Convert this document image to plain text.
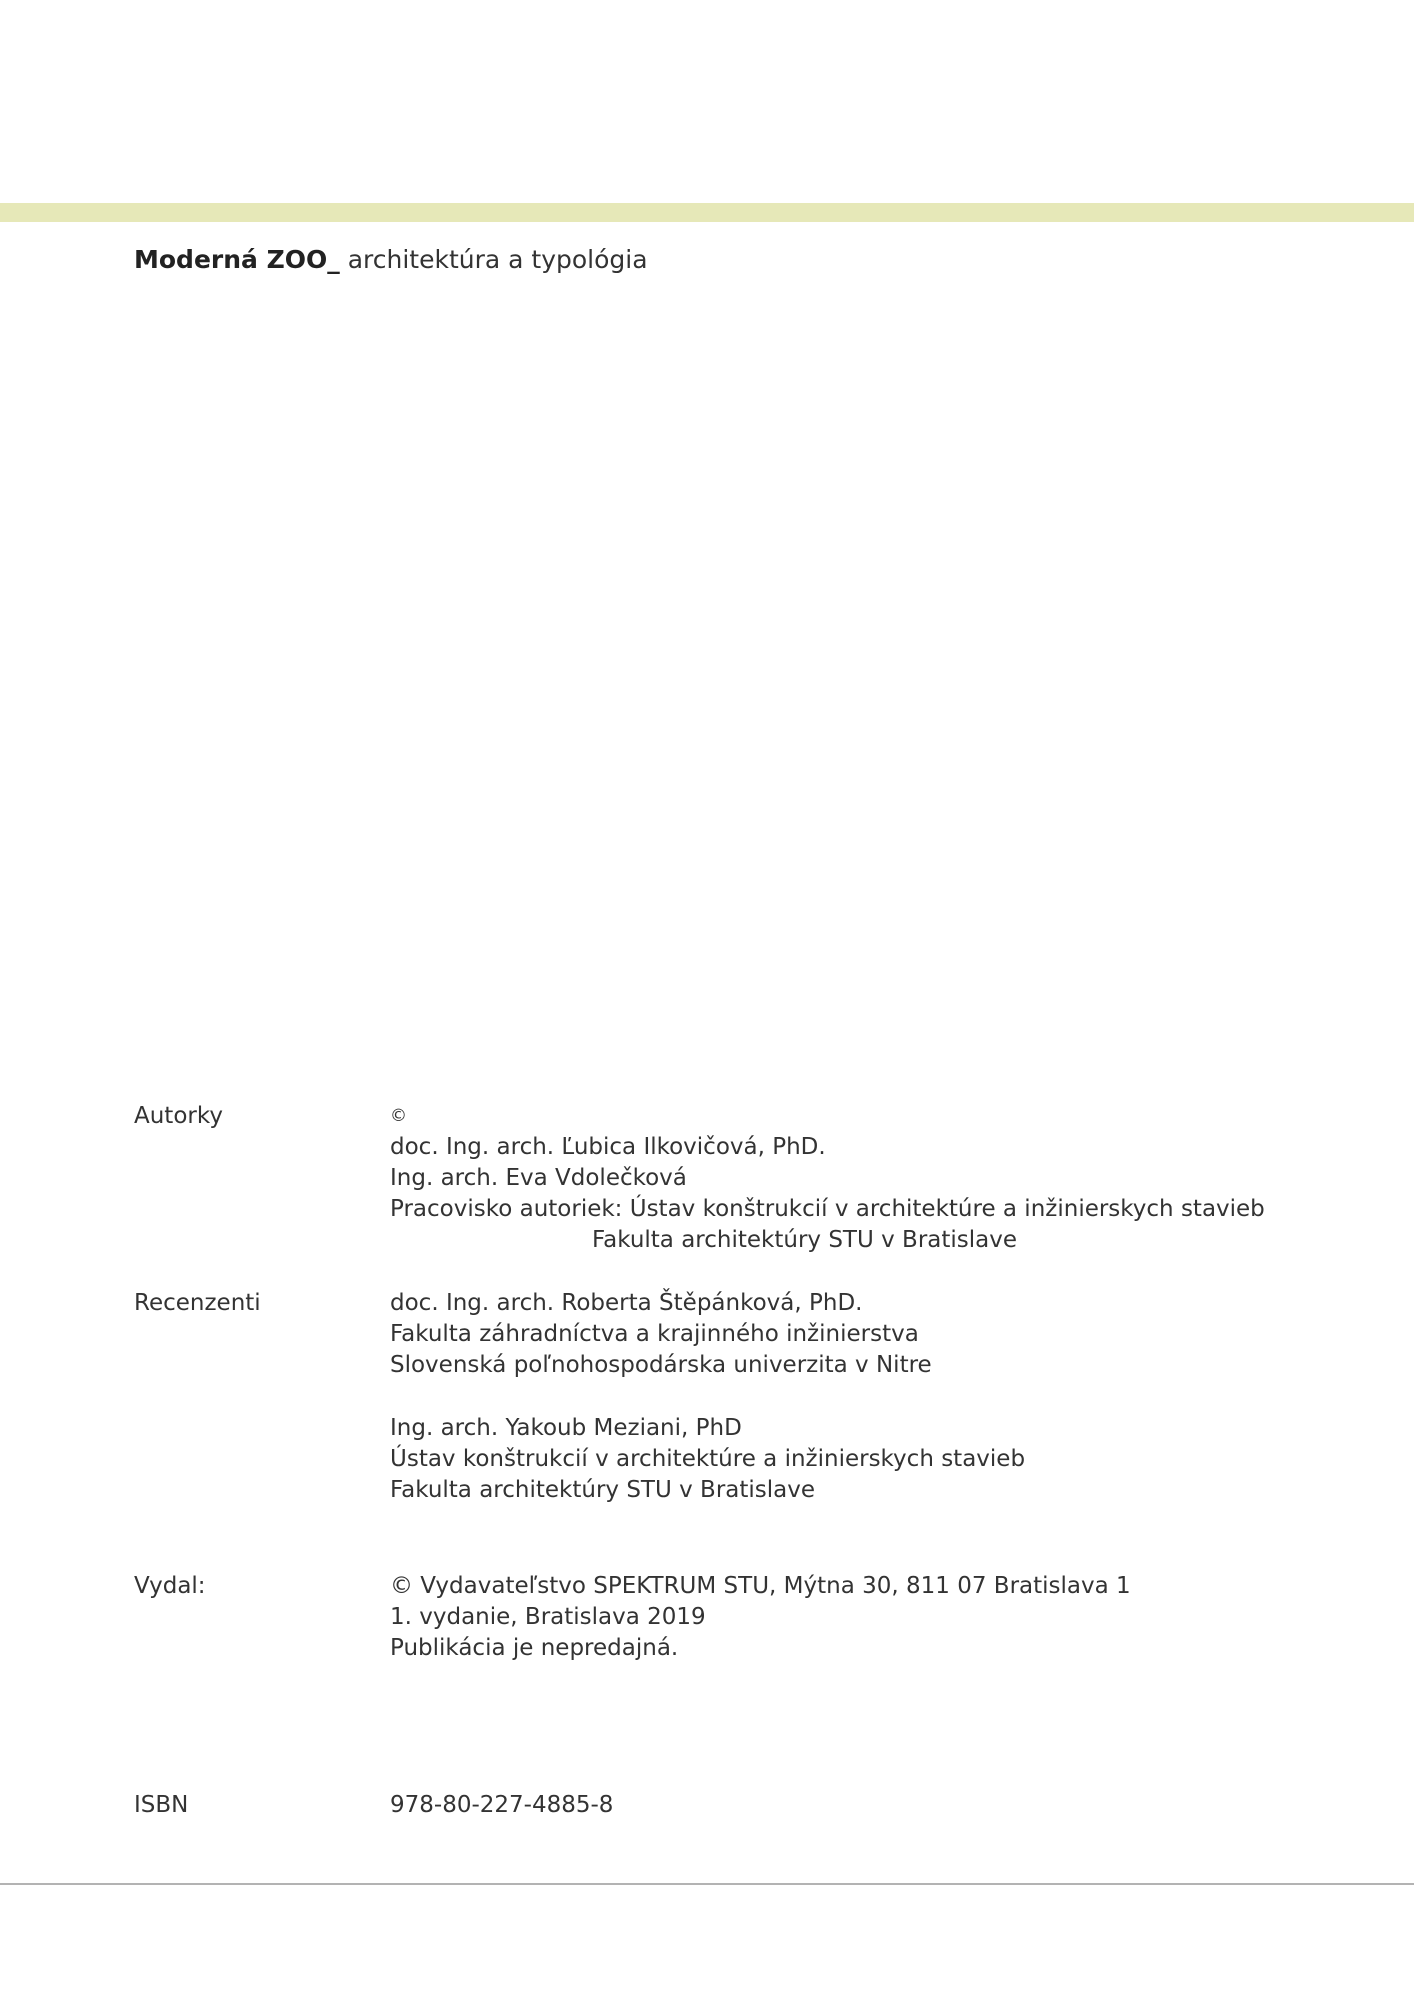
Moderná ZOO_ architektúra a typológia
Autorky	©
doc. Ing. arch. Ľubica Ilkovičová, PhD.
Ing. arch. Eva Vdolečková
Pracovisko autoriek: Ústav konštrukcií v architektúre a inžinierskych stavieb
Fakulta architektúry STU v Bratislave
Recenzenti	doc. Ing. arch. Roberta Štěpánková, PhD.
Fakulta záhradníctva a krajinného inžinierstva
Slovenská poľnohospodárska univerzita v Nitre
Ing. arch. Yakoub Meziani, PhD
Ústav konštrukcií v architektúre a inžinierskych stavieb
Fakulta architektúry STU v Bratislave
Vydal:	© Vydavateľstvo SPEKTRUM STU, Mýtna 30, 811 07 Bratislava 1
1. vydanie, Bratislava 2019
Publikácia je nepredajná.
ISBN	978-80-227-4885-8
